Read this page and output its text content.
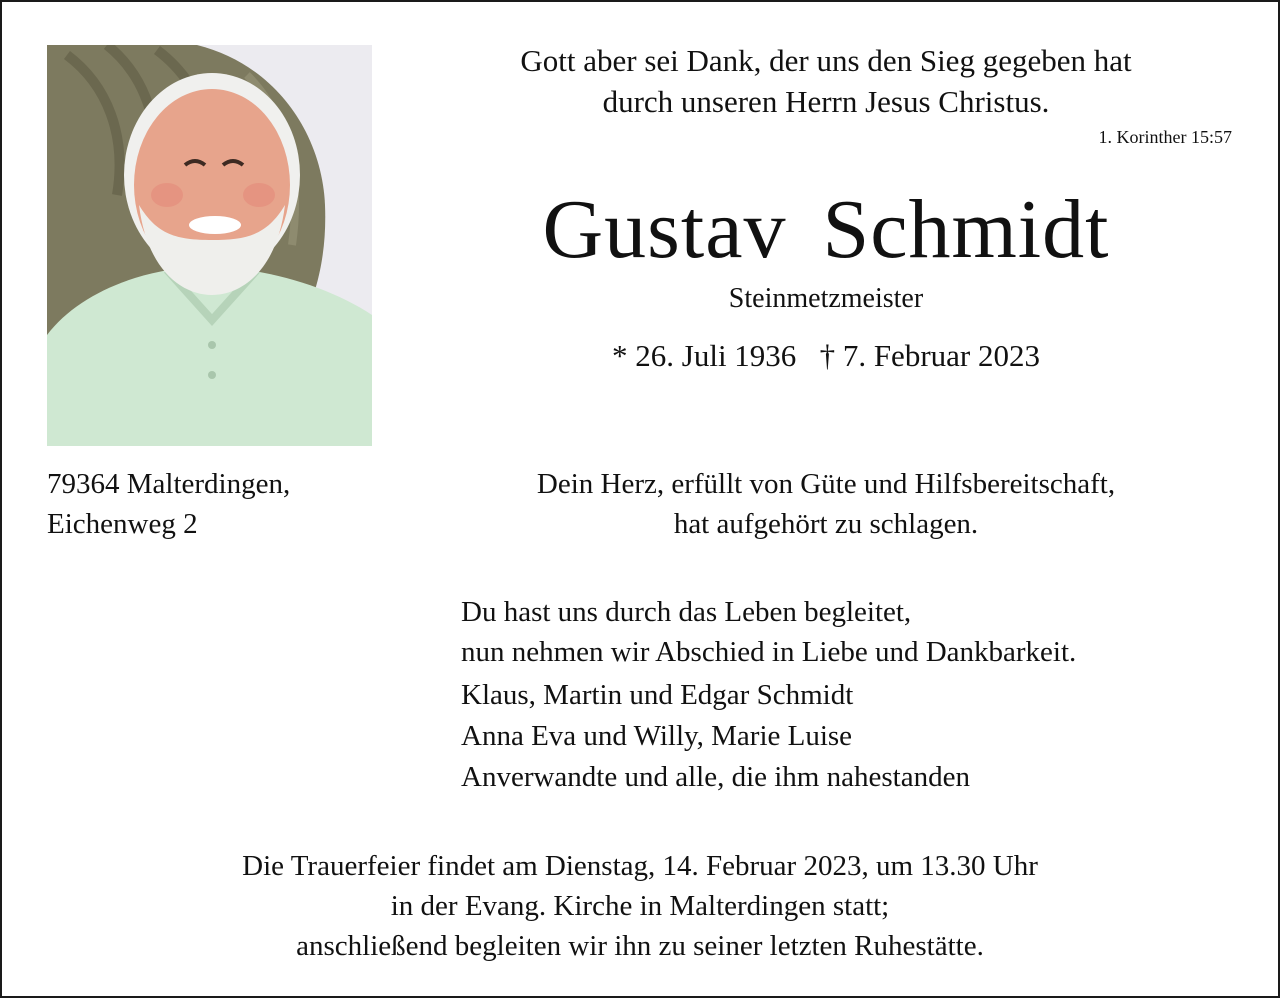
Gott aber sei Dank, der uns den Sieg gegeben hat
durch unseren Herrn Jesus Christus.
1. Korinther 15:57
Gustav Schmidt
Steinmetzmeister
* 26. Juli 1936 † 7. Februar 2023
79364 Malterdingen,
Eichenweg 2
Dein Herz, erfüllt von Güte und Hilfsbereitschaft,
hat aufgehört zu schlagen.
Du hast uns durch das Leben begleitet,
nun nehmen wir Abschied in Liebe und Dankbarkeit.
Klaus, Martin und Edgar Schmidt
Anna Eva und Willy, Marie Luise
Anverwandte und alle, die ihm nahestanden
Die Trauerfeier findet am Dienstag, 14. Februar 2023, um 13.30 Uhr
in der Evang. Kirche in Malterdingen statt;
anschließend begleiten wir ihn zu seiner letzten Ruhestätte.
